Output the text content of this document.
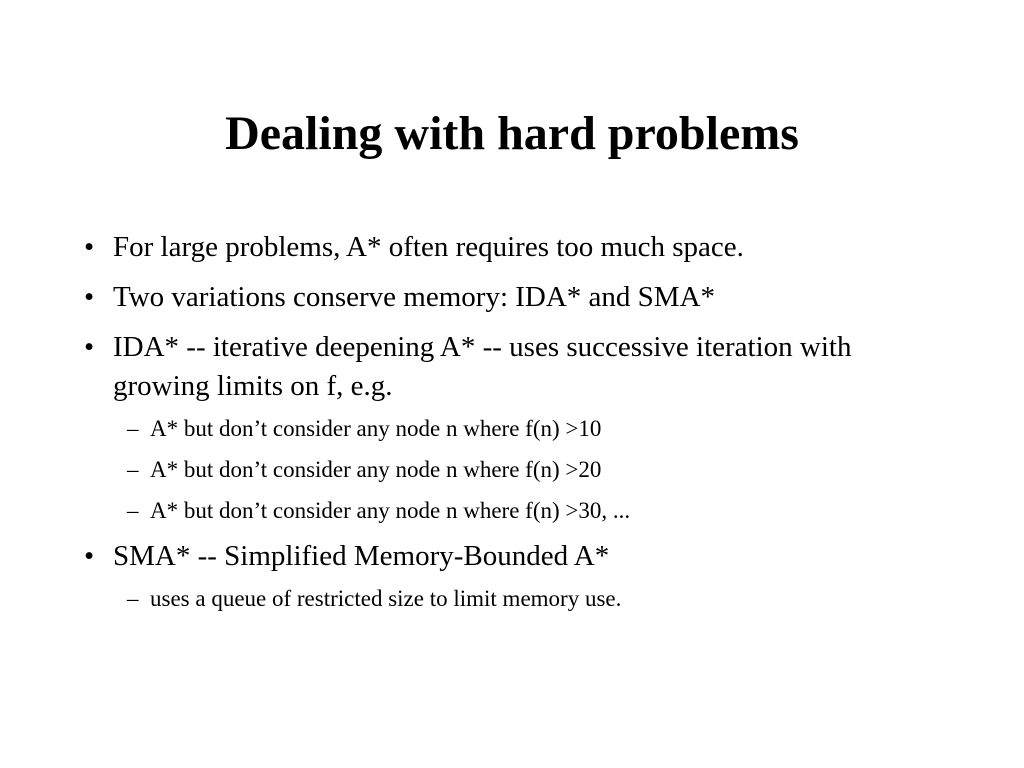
Dealing with hard problems
• For large problems, A* often requires too much space.
• Two variations conserve memory: IDA* and SMA*
• IDA* -- iterative deepening A* -- uses successive iteration with growing limits on f, e.g.
– A* but don’t consider any node n where f(n) >10
– A* but don’t consider any node n where f(n) >20
– A* but don’t consider any node n where f(n) >30, ...
• SMA* -- Simplified Memory-Bounded A*
– uses a queue of restricted size to limit memory use.
